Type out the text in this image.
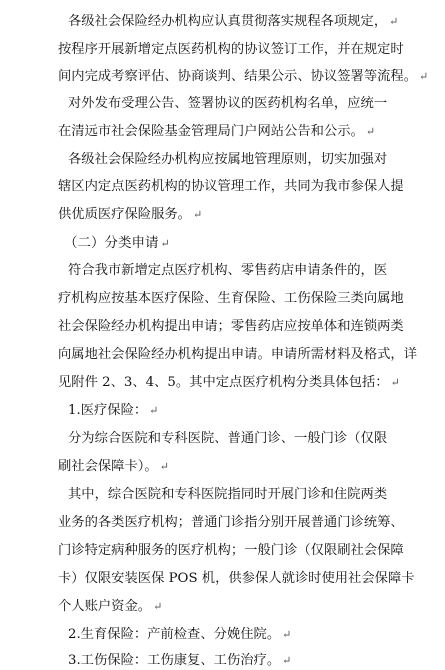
各级社会保险经办机构应认真贯彻落实规程各项规定， ↵
按程序开展新增定点医药机构的协议签订工作，并在规定时
间内完成考察评估、协商谈判、结果公示、协议签署等流程。 ↵
对外发布受理公告、签署协议的医药机构名单，应统一
在清远市社会保险基金管理局门户网站公告和公示。 ↵
各级社会保险经办机构应按属地管理原则，切实加强对
辖区内定点医药机构的协议管理工作，共同为我市参保人提
供优质医疗保险服务。 ↵
（二）分类申请 ↵
符合我市新增定点医疗机构、零售药店申请条件的，医
疗机构应按基本医疗保险、生育保险、工伤保险三类向属地
社会保险经办机构提出申请；零售药店应按单体和连锁两类
向属地社会保险经办机构提出申请。申请所需材料及格式，详
见附件 2、3、4、5。其中定点医疗机构分类具体包括： ↵
1.医疗保险： ↵
分为综合医院和专科医院、普通门诊、一般门诊（仅限
刷社会保障卡）。 ↵
其中，综合医院和专科医院指同时开展门诊和住院两类
业务的各类医疗机构；普通门诊指分别开展普通门诊统筹、
门诊特定病种服务的医疗机构；一般门诊（仅限刷社会保障
卡）仅限安装医保 POS 机，供参保人就诊时使用社会保障卡
个人账户资金。 ↵
2.生育保险：产前检查、分娩住院。 ↵
3.工伤保险：工伤康复、工伤治疗。 ↵
